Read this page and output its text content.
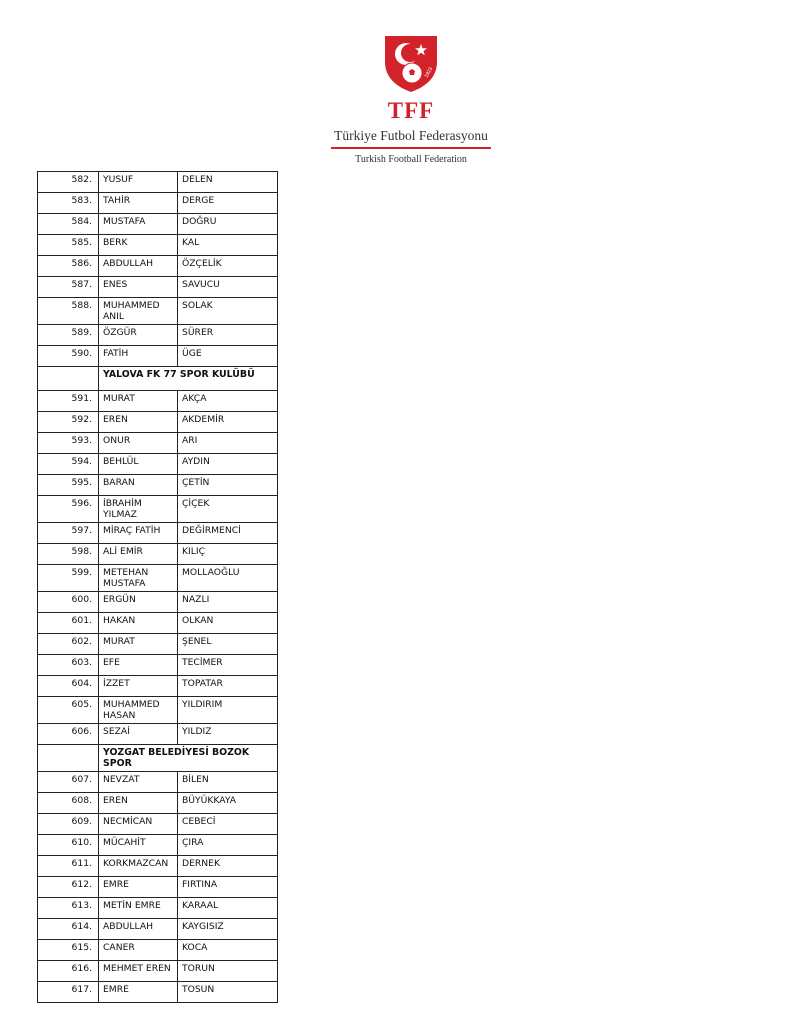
1923
TFF
Türkiye Futbol Federasyonu
Turkish Football Federation
582.	YUSUF	DELEN
583.	TAHİR	DERGE
584.	MUSTAFA	DOĞRU
585.	BERK	KAL
586.	ABDULLAH	ÖZÇELİK
587.	ENES	SAVUCU
588.	MUHAMMED ANIL	SOLAK
589.	ÖZGÜR	SÜRER
590.	FATİH	ÜGE
	YALOVA FK 77 SPOR KULÜBÜ	
591.	MURAT	AKÇA
592.	EREN	AKDEMİR
593.	ONUR	ARI
594.	BEHLÜL	AYDIN
595.	BARAN	ÇETİN
596.	İBRAHİM YILMAZ	ÇİÇEK
597.	MİRAÇ FATİH	DEĞİRMENCİ
598.	ALİ EMİR	KILIÇ
599.	METEHAN MUSTAFA	MOLLAOĞLU
600.	ERGÜN	NAZLI
601.	HAKAN	OLKAN
602.	MURAT	ŞENEL
603.	EFE	TECİMER
604.	İZZET	TOPATAR
605.	MUHAMMED HASAN	YILDIRIM
606.	SEZAİ	YILDIZ
	YOZGAT BELEDİYESİ BOZOK SPOR	
607.	NEVZAT	BİLEN
608.	EREN	BÜYÜKKAYA
609.	NECMİCAN	CEBECİ
610.	MÜCAHİT	ÇIRA
611.	KORKMAZCAN	DERNEK
612.	EMRE	FIRTINA
613.	METİN EMRE	KARAAL
614.	ABDULLAH	KAYGISIZ
615.	CANER	KOCA
616.	MEHMET EREN	TORUN
617.	EMRE	TOSUN
